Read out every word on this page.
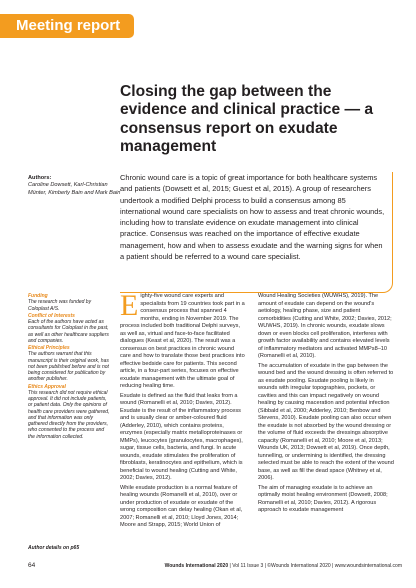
Meeting report
Closing the gap between the evidence and clinical practice — a consensus report on exudate management
Authors:
Caroline Dowsett, Karl-Christian Münter, Kimberly Bain and Mark Bain

Chronic wound care is a topic of great importance for both healthcare systems and patients (Dowsett et al, 2015; Guest et al, 2015). A group of researchers undertook a modified Delphi process to build a consensus among 85 international wound care specialists on how to assess and treat chronic wounds, including how to translate evidence on exudate management into clinical practice. Consensus was reached on the importance of effective exudate management, how and when to assess exudate and the warning signs for when a patient should be referred to a wound care specialist.

Funding
The research was funded by Coloplast A/S.
Conflict of Interests
Each of the authors have acted as consultants for Coloplast in the past, as well as other healthcare suppliers and companies.
Ethical Principles
The authors warrant that this manuscript is their original work, has not been published before and is not being considered for publication by another publisher.
Ethics Approval
This research did not require ethical approval. It did not include patients, or patient data. Only the opinions of health care providers were gathered, and that information was only gathered directly from the providers, who consented to the process and the information collected.
Author details on p65

Eighty-five wound care experts and specialists from 19 countries took part in a consensus process that spanned 4 months, ending in November 2019. The process included both traditional Delphi surveys, as well as, virtual and face-to-face facilitated dialogues (Keast et al, 2020). The result was a consensus on best practices in chronic wound care and how to translate those best practices into effective bedside care for patients. This second article, in a four-part series, focuses on effective exudate management with the ultimate goal of reducing healing time.

Exudate is defined as the fluid that leaks from a wound (Romanelli et al, 2010; Davies, 2012). Exudate is the result of the inflammatory process and is usually clear or amber-coloured fluid (Adderley, 2010), which contains proteins, enzymes (especially matrix metalloproteinases or MMPs), leucocytes (granulocytes, macrophages), sugar, tissue cells, bacteria, and fungi. In acute wounds, exudate stimulates the proliferation of fibroblasts, keratinocytes and epithelium, which is beneficial to wound healing (Cutting and White, 2002; Davies, 2012).

While exudate production is a normal feature of healing wounds (Romanelli et al, 2010), over or under production of exudate or exudate of the wrong composition can delay healing (Okan et al, 2007; Romanelli et al, 2010; Lloyd Jones, 2014; Moore and Strapp, 2015; World Union of

Wound Healing Societies (WUWHS), 2019). The amount of exudate can depend on the wound's aetiology, healing phase, size and patient comorbidities (Cutting and White, 2002; Davies, 2012; WUWHS, 2019). In chronic wounds, exudate slows down or even blocks cell proliferation, interferes with growth factor availability and contains elevated levels of inflammatory mediators and activated MMPs8–10 (Romanelli et al, 2010).

The accumulation of exudate in the gap between the wound bed and the wound dressing is often referred to as exudate pooling. Exudate pooling is likely in wounds with irregular topographies, pockets, or cavities and this can impact negatively on wound healing by causing maceration and potential infection (Sibbald et al, 2000; Adderley, 2010; Benbow and Stevens, 2010). Exudate pooling can also occur when the exudate is not absorbed by the wound dressing or the volume of fluid exceeds the dressings absorptive capacity (Romanelli et al, 2010; Moore et al, 2013; Wounds UK, 2013; Dowsett et al, 2019). Once depth, tunnelling, or undermining is identified, the dressing selected must be able to reach the extent of the wound base, as well as fill the dead space (Whitney et al, 2006).

The aim of managing exudate is to achieve an optimally moist healing environment (Dowsett, 2008; Romanelli et al, 2010; Davies, 2012). A rigorous approach to exudate management

64	Wounds International 2020 | Vol 11 Issue 3 | ©Wounds International 2020 | www.woundsinternational.com
